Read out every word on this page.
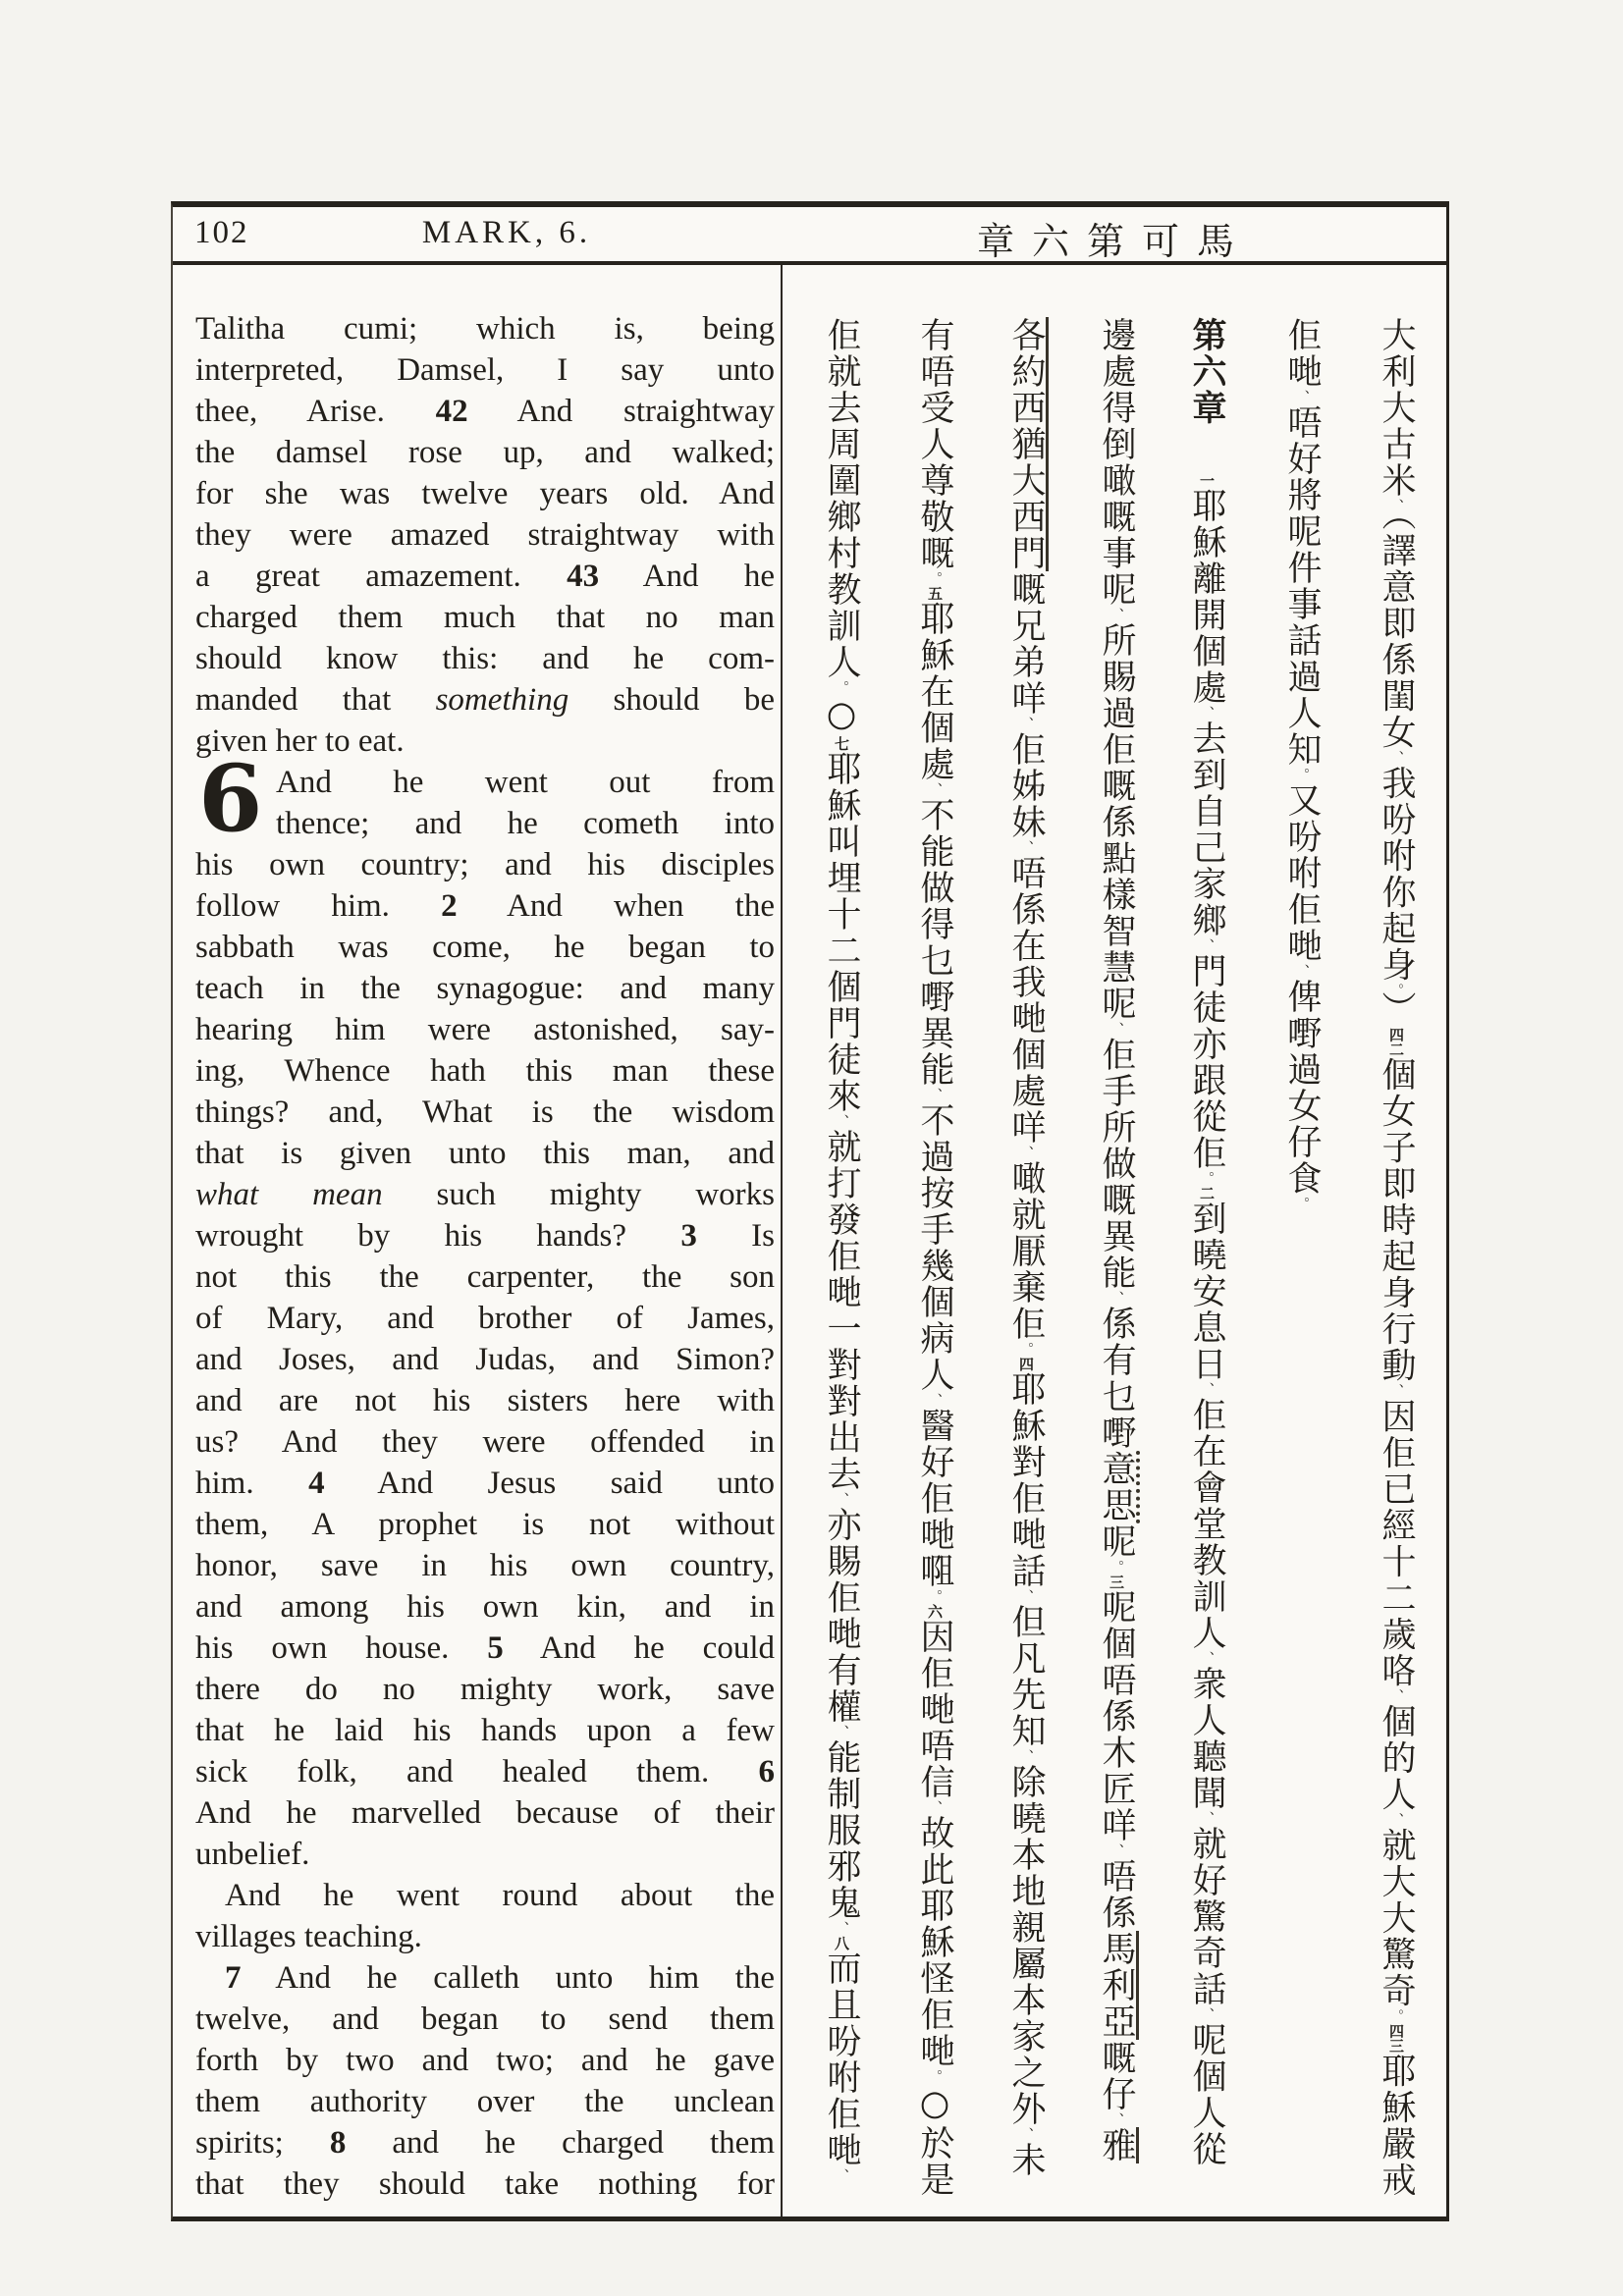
102	MARK, 6.	章六第可馬
Talitha cumi; which is, being
interpreted, Damsel, I say unto
thee, Arise. 42 And straightway
the damsel rose up, and walked;
for she was twelve years old. And
they were amazed straightway with
a great amazement. 43 And he
charged them much that no man
should know this: and he com-
manded that something should be
given her to eat.
And he went out from
thence; and he cometh into
his own country; and his disciples
follow him. 2 And when the
sabbath was come, he began to
teach in the synagogue: and many
hearing him were astonished, say-
ing, Whence hath this man these
things? and, What is the wisdom
that is given unto this man, and
what mean such mighty works
wrought by his hands? 3 Is
not this the carpenter, the son
of Mary, and brother of James,
and Joses, and Judas, and Simon?
and are not his sisters here with
us? And they were offended in
him. 4 And Jesus said unto
them, A prophet is not without
honor, save in his own country,
and among his own kin, and in
his own house. 5 And he could
there do no mighty work, save
that he laid his hands upon a few
sick folk, and healed them. 6
And he marvelled because of their
unbelief.
And he went round about the
villages teaching.
7 And he calleth unto him the
twelve, and began to send them
forth by two and two; and he gave
them authority over the unclean
spirits; 8 and he charged them
that they should take nothing for
6
大利大古米、（譯意即係閨女、我吩咐你起身。）四二個女子即時起身行動、因佢已經十二歲咯、個的人、就大大驚奇。四三耶穌嚴戒
佢哋、唔好將呢件事話過人知。又吩咐佢哋、俾嘢過女仔食。
第六章一耶穌離開個處、去到自己家鄉、門徒亦跟從佢。二到曉安息日、佢在會堂教訓人、衆人聽聞、就好驚奇話、呢個人從
邊處得倒噉嘅事呢、所賜過佢嘅係點樣智慧呢、佢手所做嘅異能、係有乜嘢意思呢。三呢個唔係木匠咩、唔係馬利亞嘅仔、雅
各約西猶大西門嘅兄弟咩、佢姊妹、唔係在我哋個處咩、噉就厭棄佢。四耶穌對佢哋話、但凡先知、除曉本地親屬本家之外、未
有唔受人尊敬嘅。五耶穌在個處、不能做得乜嘢異能、不過按手幾個病人、醫好佢哋唨。六因佢哋唔信、故此耶穌怪佢哋。○於是
佢就去周圍鄉村教訓人。○七耶穌叫埋十二個門徒來、就打發佢哋一對對出去、亦賜佢哋有權、能制服邪鬼、八而且吩咐佢哋、
